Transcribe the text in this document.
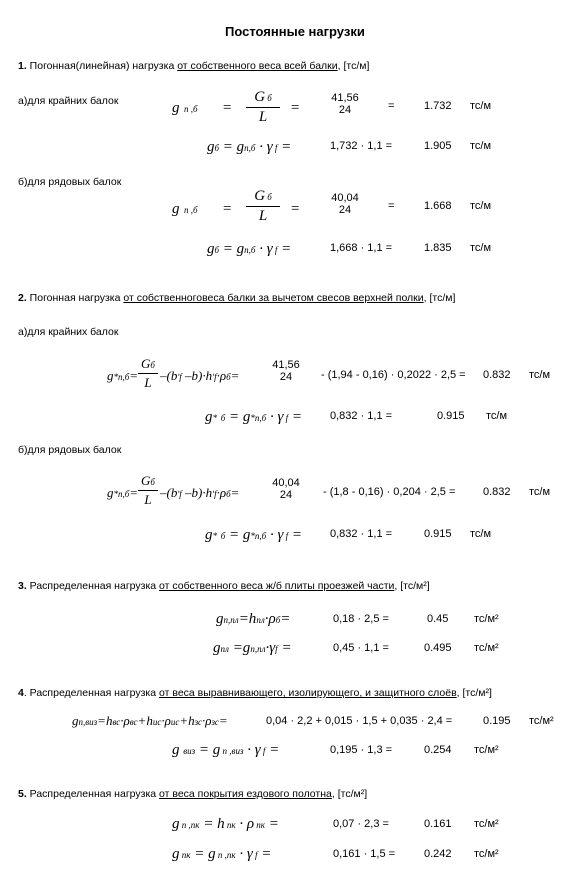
Постоянные нагрузки
1. Погонная(линейная) нагрузка от собственного веса всей балки, [тс/м]
а)для крайних балок	g  п ,б =
G б
L
=
41,56
24	=	1.732 тс/м
gб = gп,б · γ f =	1,732 · 1,1 =	1.905 тс/м
б)для рядовых балок
g  п ,б =
G б
L	=
40,04
24	=	1.668 тс/м
gб = gп,б · γ f =	1,668 · 1,1 =	1.835 тс/м
2. Погонная нагрузка от собственноговеса балки за вычетом свесов верхней полки, [тс/м]
а)для крайних балок
g*п,б=
Gб
L –(bʹf –b)·hʹf·ρб=
41,56
24	- (1,94 - 0,16) · 0,2022 · 2,5 = 0.832 тс/м
g* б = g*п,б · γ f =	0,832 · 1,1 =	0.915 тс/м
б)для рядовых балок
g*п,б=
Gб
L –(bʹf –b)·hʹf·ρб=
40,04
24	- (1,8 - 0,16) · 0,204 · 2,5 =	0.832 тс/м
g* б = g*п,б · γ f =	0,832 · 1,1 =	0.915 тс/м
3. Распределенная нагрузка от собственного веса ж/б плиты проезжей части, [тс/м²]
gп,пл=hпл·ρб=	0,18 · 2,5 =	0.45 тс/м²
gпл =gп,пл·γf =	0,45 · 1,1 =	0.495 тс/м²
4. Распределенная нагрузка от веса выравнивающего, изолирующего, и защитного слоёв, [тс/м²]
gп,виз=hвс·ρвс+hис·ρис+hзс·ρзс=	0,04 · 2,2 + 0,015 · 1,5 + 0,035 · 2,4 =	0.195 тс/м²
g виз = g п ,виз · γ f =	0,195 · 1,3 =	0.254 тс/м²
5. Распределенная нагрузка от веса покрытия ездового полотна, [тс/м²]
g п ,пк = h пк · ρ пк =	0,07 · 2,3 =	0.161 тс/м²
g пк = g п ,пк · γ f =	0,161 · 1,5 =	0.242 тс/м²
